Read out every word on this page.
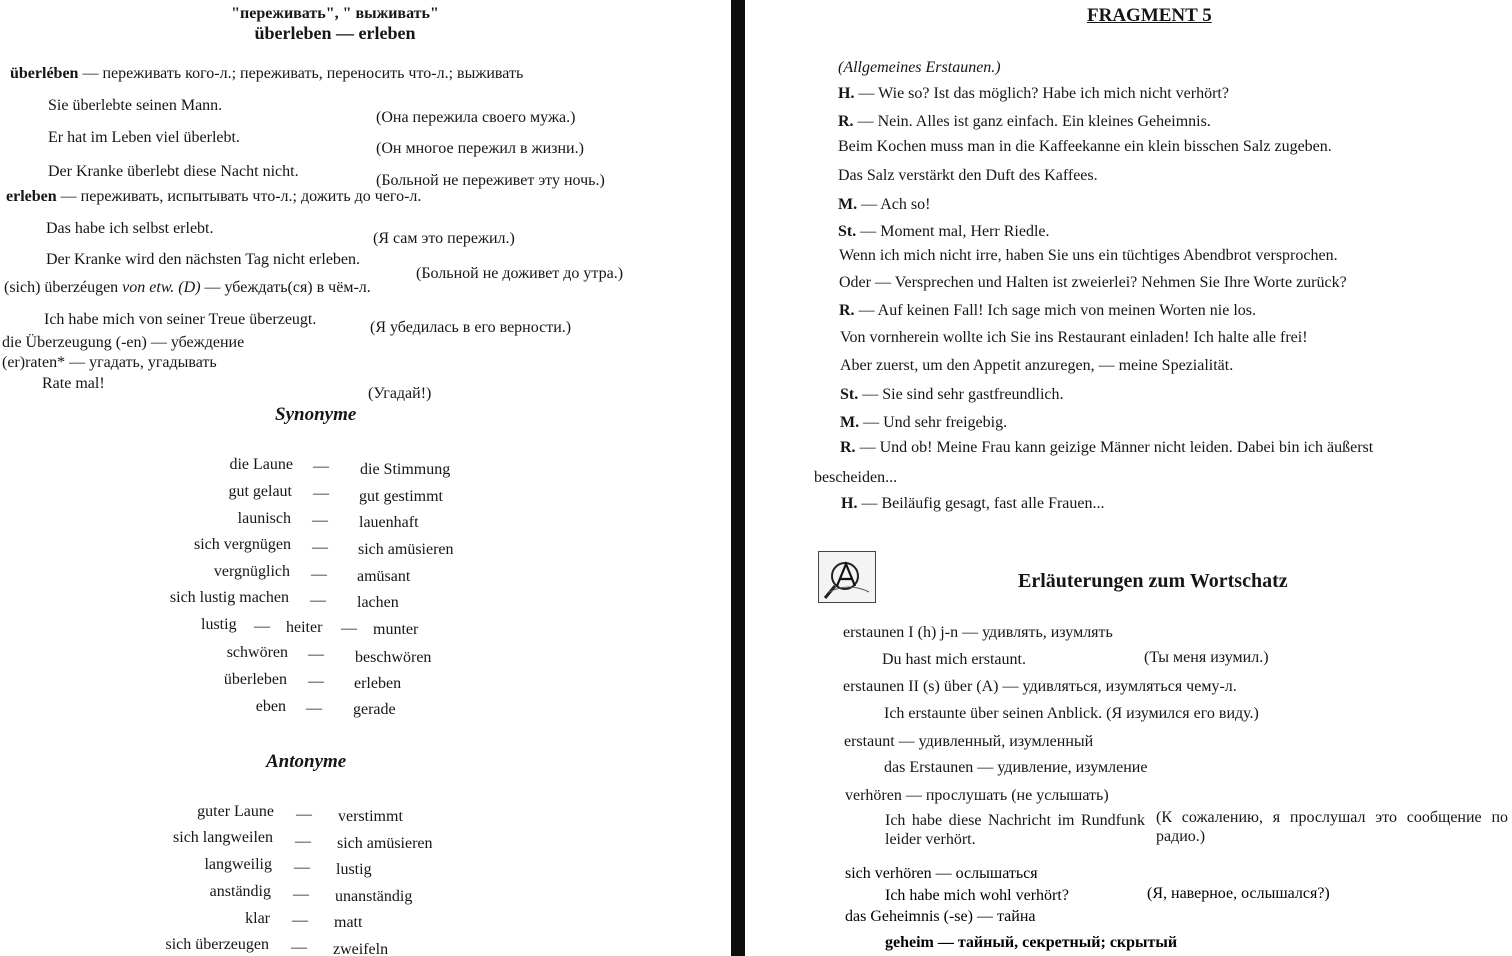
"переживать", " выживать"
überleben — erleben
überlében — переживать кого-л.; переживать, переносить что-л.; выживать
Sie überlebte seinen Mann.
(Она пережила своего мужа.)
Er hat im Leben viel überlebt.
(Он многое пережил в жизни.)
Der Kranke überlebt diese Nacht nicht.
(Больной не переживет эту ночь.)
erleben — переживать, испытывать что-л.; дожить до чего-л.
Das habe ich selbst erlebt.
(Я сам это пережил.)
Der Kranke wird den nächsten Tag nicht erleben.
(Больной не доживет до утра.)
(sich) überzéugen von etw. (D) — убеждать(ся) в чём-л.
Ich habe mich von seiner Treue überzeugt.	(Я убедилась в его верности.)
die Überzeugung (-en) — убеждение
(er)raten* — угадать, угадывать
Rate mal!
(Угадай!)
Synonyme
die Laune — die Stimmung
gut gelaut — gut gestimmt
launisch — lauenhaft
sich vergnügen — sich amüsieren
vergnüglich — amüsant
sich lustig machen — lachen
lustig — heiter — munter
schwören — beschwören
überleben — erleben
eben — gerade
Antonyme
guter Laune — verstimmt
sich langweilen — sich amüsieren
langweilig — lustig
anständig — unanständig
klar — matt
sich überzeugen — zweifeln
FRAGMENT 5
(Allgemeines Erstaunen.)
H. — Wie so? Ist das möglich? Habe ich mich nicht verhört?
R. — Nein. Alles ist ganz einfach. Ein kleines Geheimnis.
Beim Kochen muss man in die Kaffeekanne ein klein bisschen Salz zugeben.
Das Salz verstärkt den Duft des Kaffees.
M. — Ach so!
St. — Moment mal, Herr Riedle.
Wenn ich mich nicht irre, haben Sie uns ein tüchtiges Abendbrot versprochen.
Oder — Versprechen und Halten ist zweierlei? Nehmen Sie Ihre Worte zurück?
R. — Auf keinen Fall! Ich sage mich von meinen Worten nie los.
Von vornherein wollte ich Sie ins Restaurant einladen! Ich halte alle frei!
Aber zuerst, um den Appetit anzuregen, — meine Spezialität.
St. — Sie sind sehr gastfreundlich.
M. — Und sehr freigebig.
R. — Und ob! Meine Frau kann geizige Männer nicht leiden. Dabei bin ich äußerst
bescheiden...
H. — Beiläufig gesagt, fast alle Frauen...
Erläuterungen zum Wortschatz
erstaunen I (h) j-n — удивлять, изумлять
Du hast mich erstaunt.	(Ты меня изумил.)
erstaunen II (s) über (A) — удивляться, изумляться чему-л.
Ich erstaunte über seinen Anblick. (Я изумился его виду.)
erstaunt — удивленный, изумленный
das Erstaunen — удивление, изумление
verhören — прослушать (не услышать)
Ich habe diese Nachricht im Rundfunk leider verhört.
(К сожалению, я прослушал это сообщение по радио.)
sich verhören — ослышаться
Ich habe mich wohl verhört?	(Я, наверное, ослышался?)
das Geheimnis (-se) — тайна
geheim — тайный, секретный; скрытый
